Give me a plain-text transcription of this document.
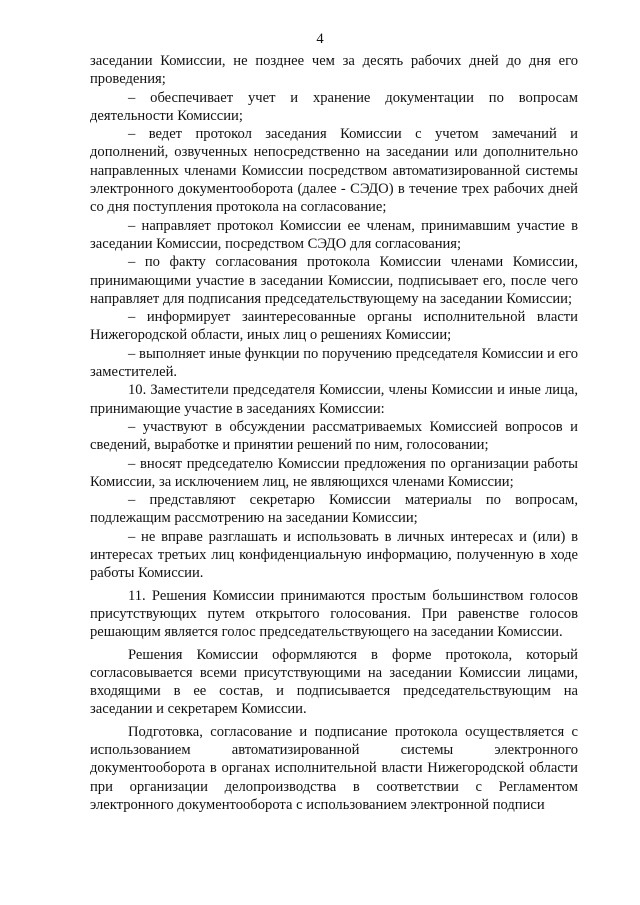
4

заседании Комиссии, не позднее чем за десять рабочих дней до дня его проведения;

– обеспечивает учет и хранение документации по вопросам деятельности Комиссии;

– ведет протокол заседания Комиссии с учетом замечаний и дополнений, озвученных непосредственно на заседании или дополнительно направленных членами Комиссии посредством автоматизированной системы электронного документооборота (далее - СЭДО) в течение трех рабочих дней со дня поступления протокола на согласование;

– направляет протокол Комиссии ее членам, принимавшим участие в заседании Комиссии, посредством СЭДО для согласования;

– по факту согласования протокола Комиссии членами Комиссии, принимающими участие в заседании Комиссии, подписывает его, после чего направляет для подписания председательствующему на заседании Комиссии;

– информирует заинтересованные органы исполнительной власти Нижегородской области, иных лиц о решениях Комиссии;

– выполняет иные функции по поручению председателя Комиссии и его заместителей.

10. Заместители председателя Комиссии, члены Комиссии и иные лица, принимающие участие в заседаниях Комиссии:

– участвуют в обсуждении рассматриваемых Комиссией вопросов и сведений, выработке и принятии решений по ним, голосовании;

– вносят председателю Комиссии предложения по организации работы Комиссии, за исключением лиц, не являющихся членами Комиссии;

– представляют секретарю Комиссии материалы по вопросам, подлежащим рассмотрению на заседании Комиссии;

– не вправе разглашать и использовать в личных интересах и (или) в интересах третьих лиц конфиденциальную информацию, полученную в ходе работы Комиссии.

11. Решения Комиссии принимаются простым большинством голосов присутствующих путем открытого голосования. При равенстве голосов решающим является голос председательствующего на заседании Комиссии.

Решения Комиссии оформляются в форме протокола, который согласовывается всеми присутствующими на заседании Комиссии лицами, входящими в ее состав, и подписывается председательствующим на заседании и секретарем Комиссии.

Подготовка, согласование и подписание протокола осуществляется с использованием автоматизированной системы электронного документооборота в органах исполнительной власти Нижегородской области при организации делопроизводства в соответствии с Регламентом электронного документооборота с использованием электронной подписи
